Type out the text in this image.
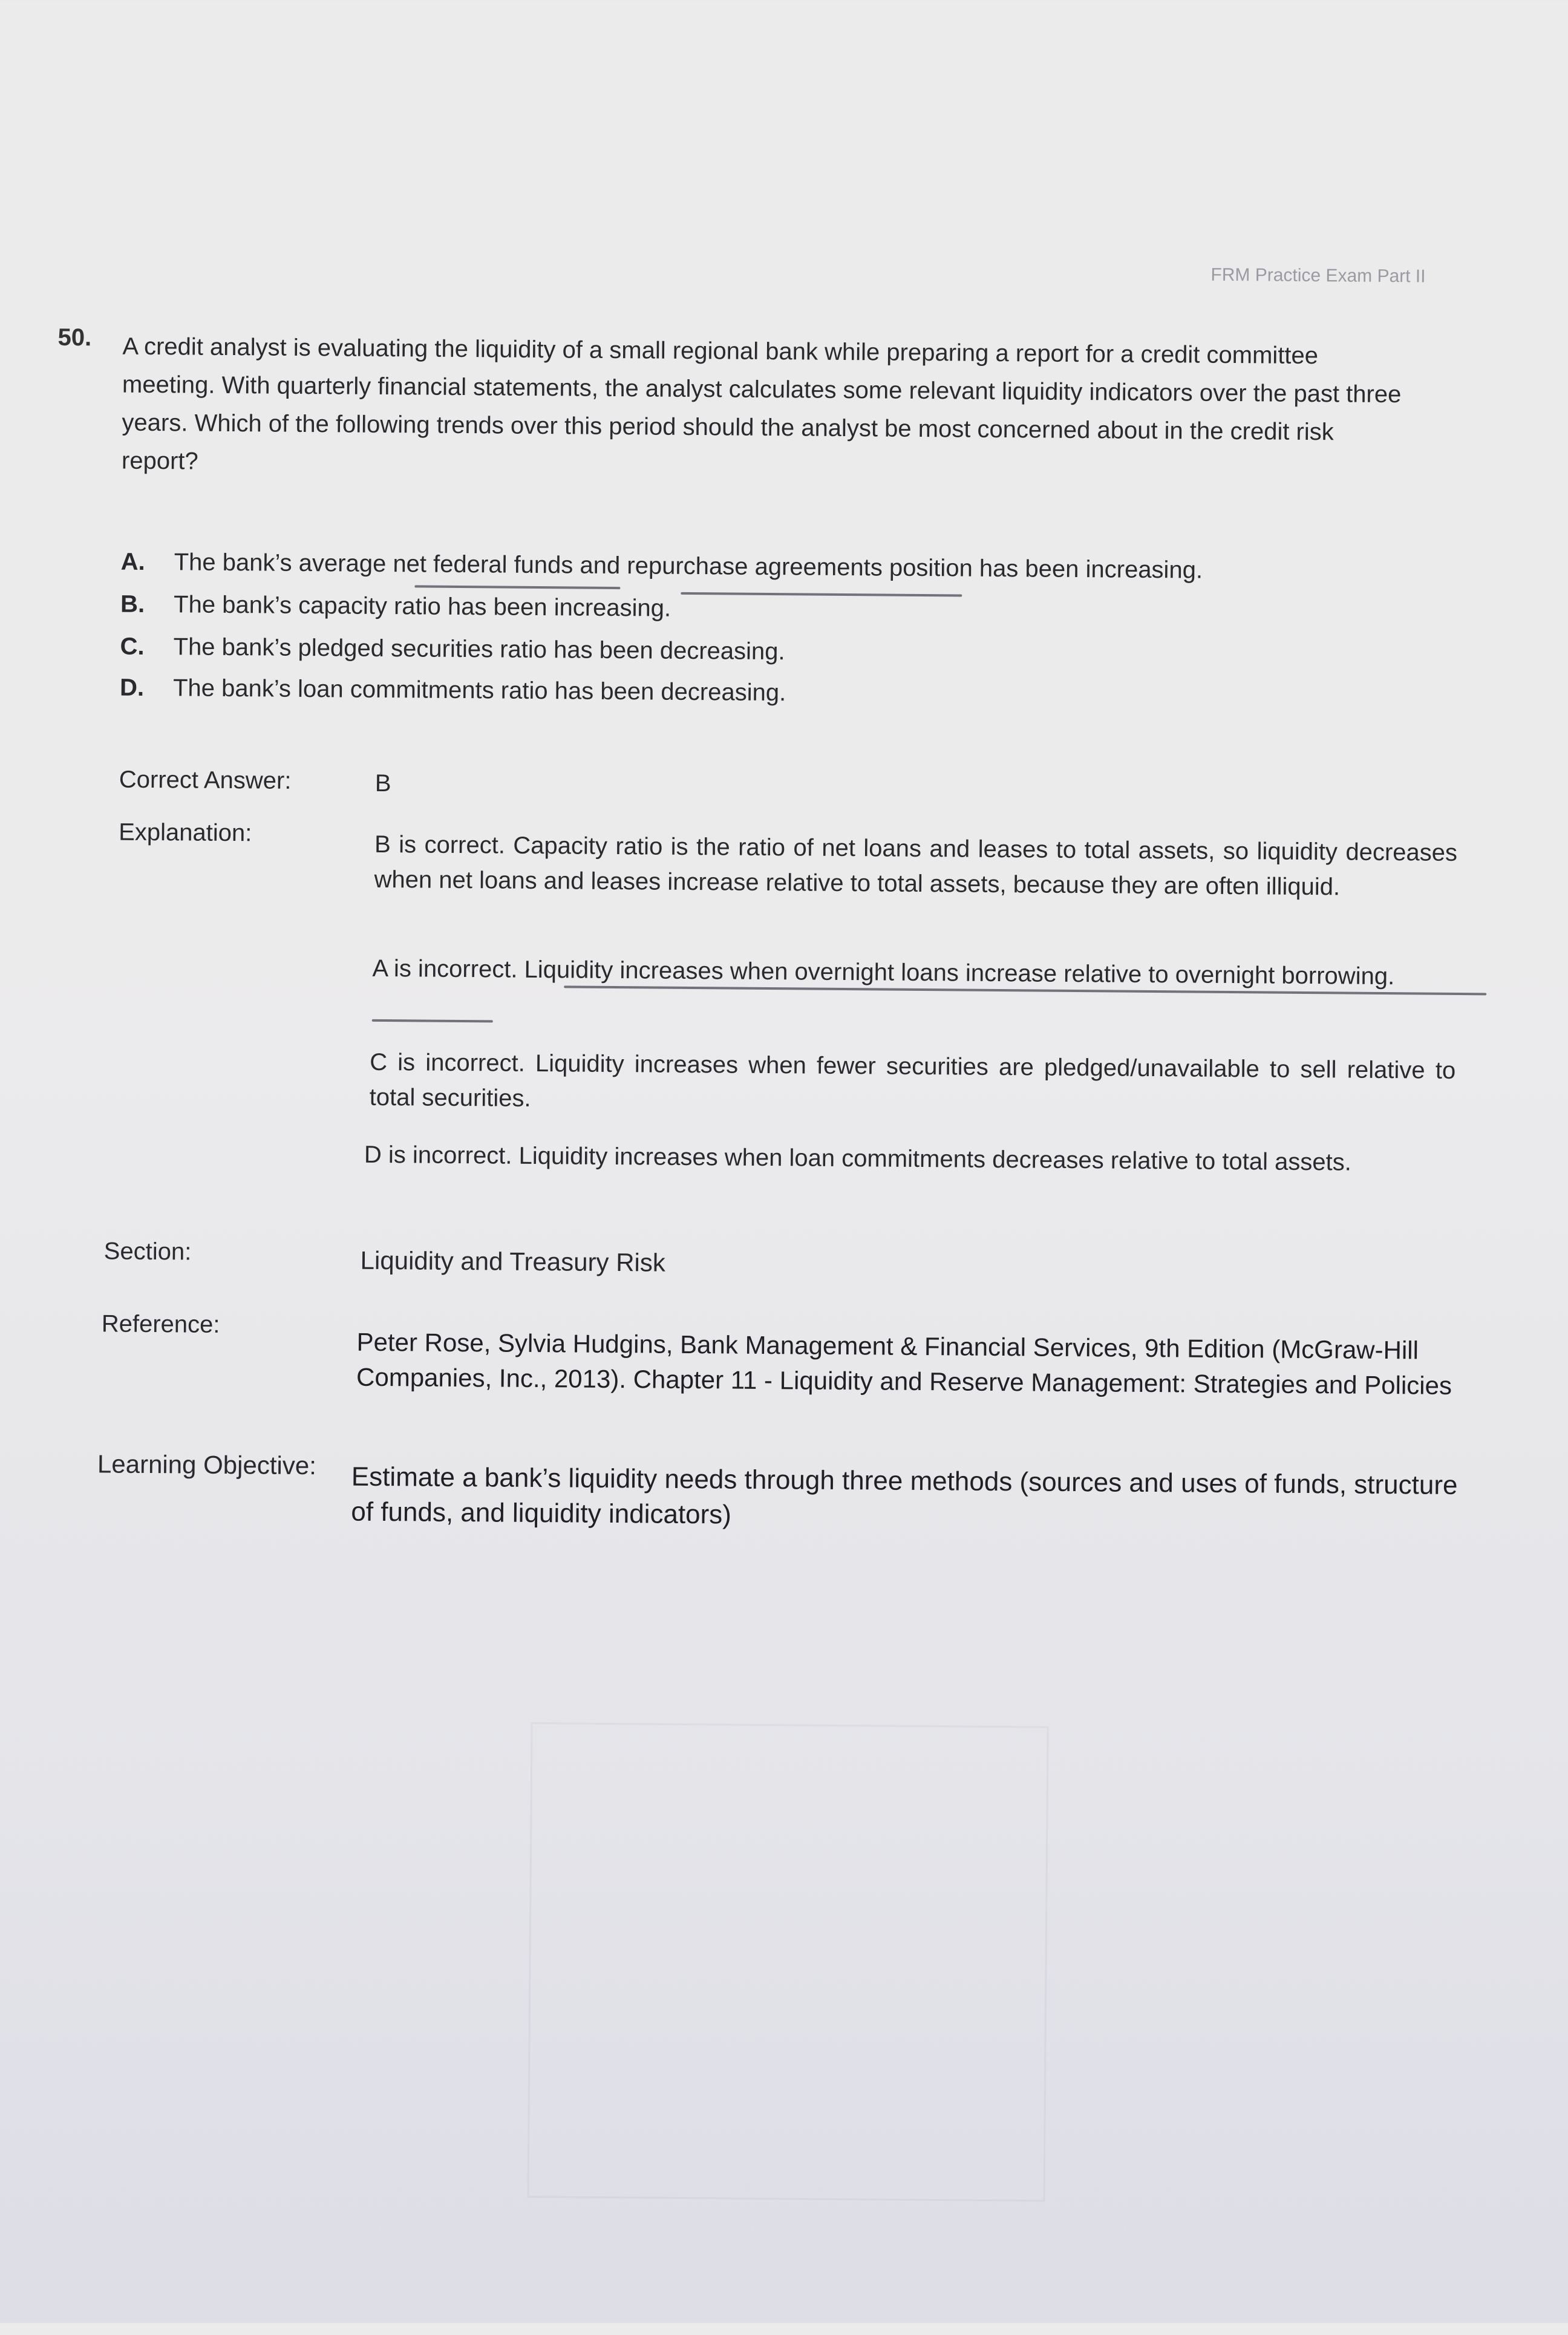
FRM Practice Exam Part II
50. A credit analyst is evaluating the liquidity of a small regional bank while preparing a report for a credit committee meeting. With quarterly financial statements, the analyst calculates some relevant liquidity indicators over the past three years. Which of the following trends over this period should the analyst be most concerned about in the credit risk report?
A. The bank’s average net federal funds and repurchase agreements position has been increasing.
B. The bank’s capacity ratio has been increasing.
C. The bank’s pledged securities ratio has been decreasing.
D. The bank’s loan commitments ratio has been decreasing.
Correct Answer:	B
Explanation:	B is correct. Capacity ratio is the ratio of net loans and leases to total assets, so liquidity decreases when net loans and leases increase relative to total assets, because they are often illiquid.
A is incorrect. Liquidity increases when overnight loans increase relative to overnight borrowing.
C is incorrect. Liquidity increases when fewer securities are pledged/unavailable to sell relative to total securities.
D is incorrect. Liquidity increases when loan commitments decreases relative to total assets.
Section:	Liquidity and Treasury Risk
Reference:
Peter Rose, Sylvia Hudgins, Bank Management & Financial Services, 9th Edition (McGraw-Hill Companies, Inc., 2013). Chapter 11 - Liquidity and Reserve Management: Strategies and Policies
Learning Objective: Estimate a bank’s liquidity needs through three methods (sources and uses of funds, structure of funds, and liquidity indicators)
